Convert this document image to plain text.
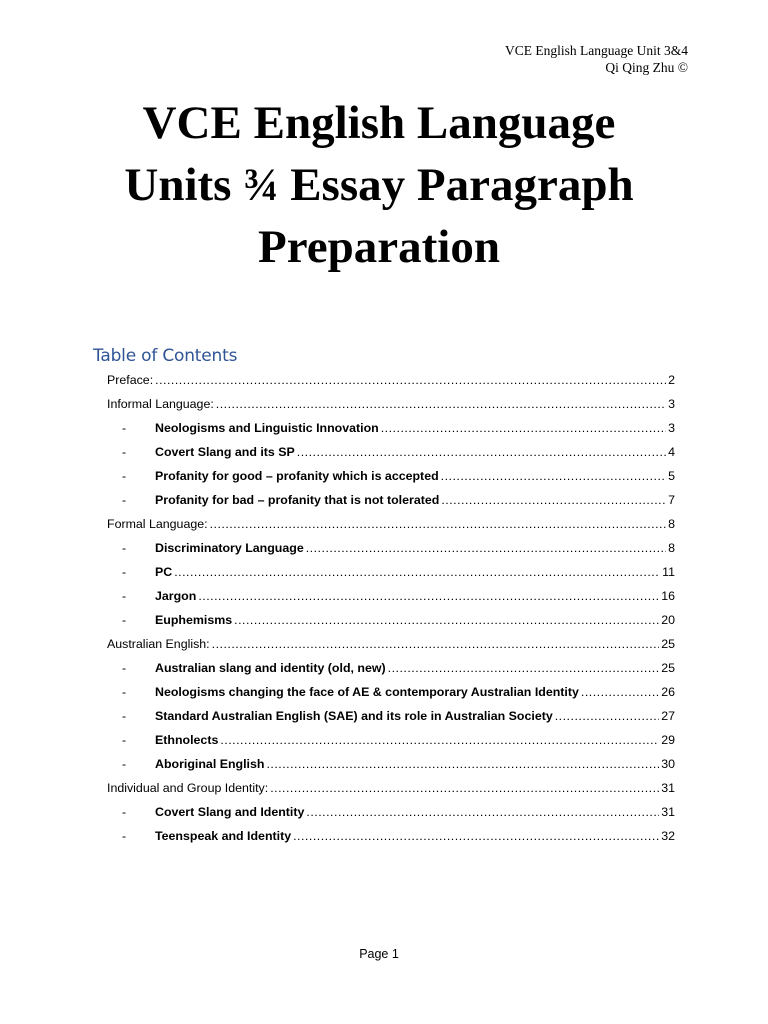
VCE English Language Unit 3&4
Qi Qing Zhu ©
VCE English Language
Units ¾ Essay Paragraph
Preparation
Table of Contents
Preface: .....	2
Informal Language: .....	3
- Neologisms and Linguistic Innovation .....	3
- Covert Slang and its SP .....	4
- Profanity for good – profanity which is accepted .....	5
- Profanity for bad – profanity that is not tolerated .....	7
Formal Language: .....	8
- Discriminatory Language .....	8
- PC .....	11
- Jargon .....	16
- Euphemisms .....	20
Australian English: .....	25
- Australian slang and identity (old, new) .....	25
- Neologisms changing the face of AE & contemporary Australian Identity .....	26
- Standard Australian English (SAE) and its role in Australian Society .....	27
- Ethnolects .....	29
- Aboriginal English .....	30
Individual and Group Identity: .....	31
- Covert Slang and Identity .....	31
- Teenspeak and Identity .....	32
Page 1
